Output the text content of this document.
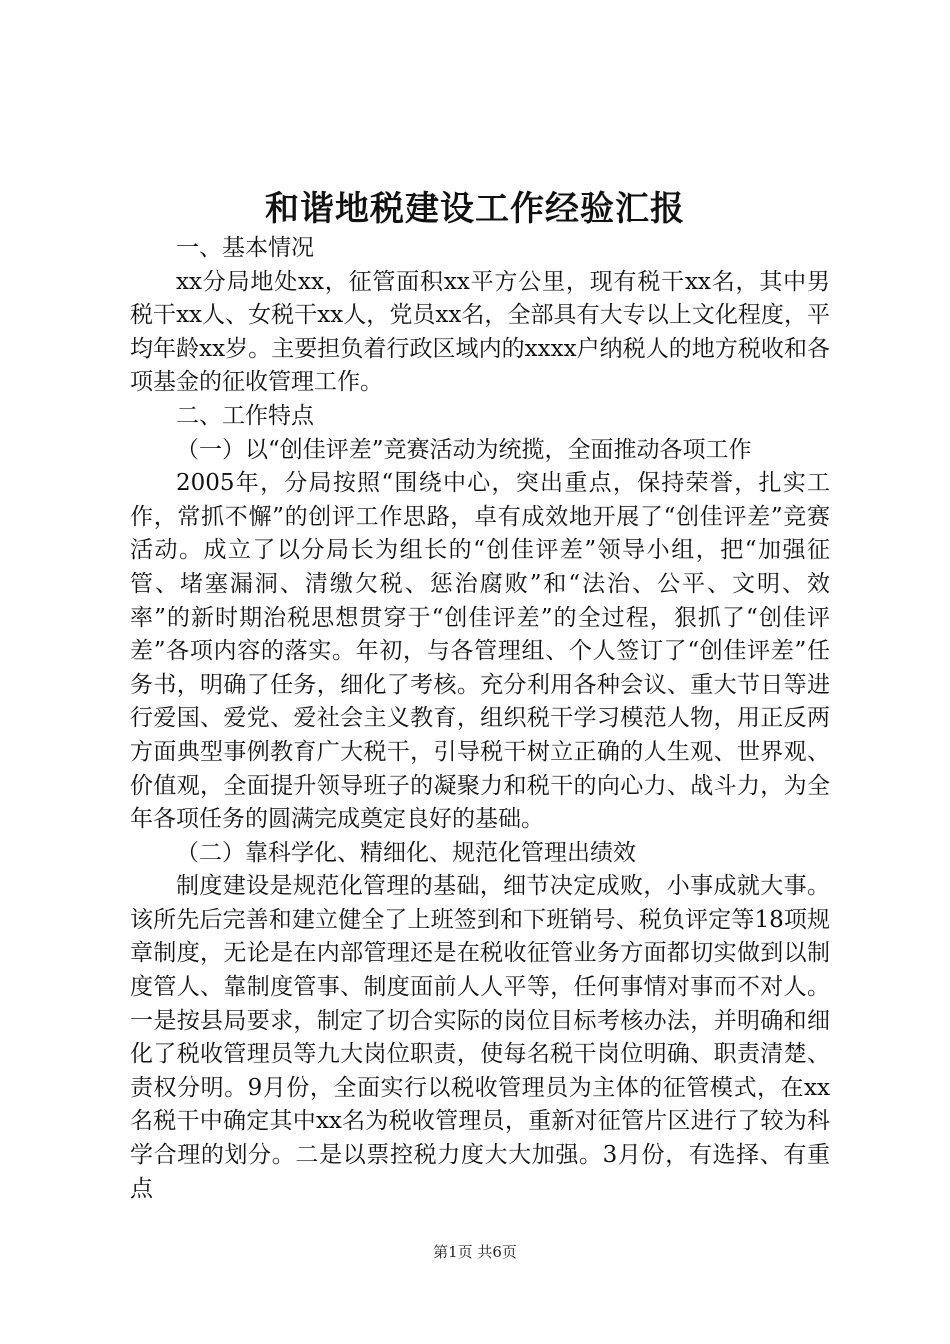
和谐地税建设工作经验汇报

一、基本情况

xx分局地处xx，征管面积xx平方公里，现有税干xx名，其中男税干xx人、女税干xx人，党员xx名，全部具有大专以上文化程度，平均年龄xx岁。主要担负着行政区域内的xxxx户纳税人的地方税收和各项基金的征收管理工作。

二、工作特点

（一）以“创佳评差”竞赛活动为统揽，全面推动各项工作

2005年，分局按照“围绕中心，突出重点，保持荣誉，扎实工作，常抓不懈”的创评工作思路，卓有成效地开展了“创佳评差”竞赛活动。成立了以分局长为组长的“创佳评差”领导小组，把“加强征管、堵塞漏洞、清缴欠税、惩治腐败”和“法治、公平、文明、效率”的新时期治税思想贯穿于“创佳评差”的全过程，狠抓了“创佳评差”各项内容的落实。年初，与各管理组、个人签订了“创佳评差”任务书，明确了任务，细化了考核。充分利用各种会议、重大节日等进行爱国、爱党、爱社会主义教育，组织税干学习模范人物，用正反两方面典型事例教育广大税干，引导税干树立正确的人生观、世界观、价值观，全面提升领导班子的凝聚力和税干的向心力、战斗力，为全年各项任务的圆满完成奠定良好的基础。

（二）靠科学化、精细化、规范化管理出绩效

制度建设是规范化管理的基础，细节决定成败，小事成就大事。该所先后完善和建立健全了上班签到和下班销号、税负评定等18项规章制度，无论是在内部管理还是在税收征管业务方面都切实做到以制度管人、靠制度管事、制度面前人人平等，任何事情对事而不对人。一是按县局要求，制定了切合实际的岗位目标考核办法，并明确和细化了税收管理员等九大岗位职责，使每名税干岗位明确、职责清楚、责权分明。9月份，全面实行以税收管理员为主体的征管模式，在xx名税干中确定其中xx名为税收管理员，重新对征管片区进行了较为科学合理的划分。二是以票控税力度大大加强。3月份，有选择、有重点

第1页 共6页
